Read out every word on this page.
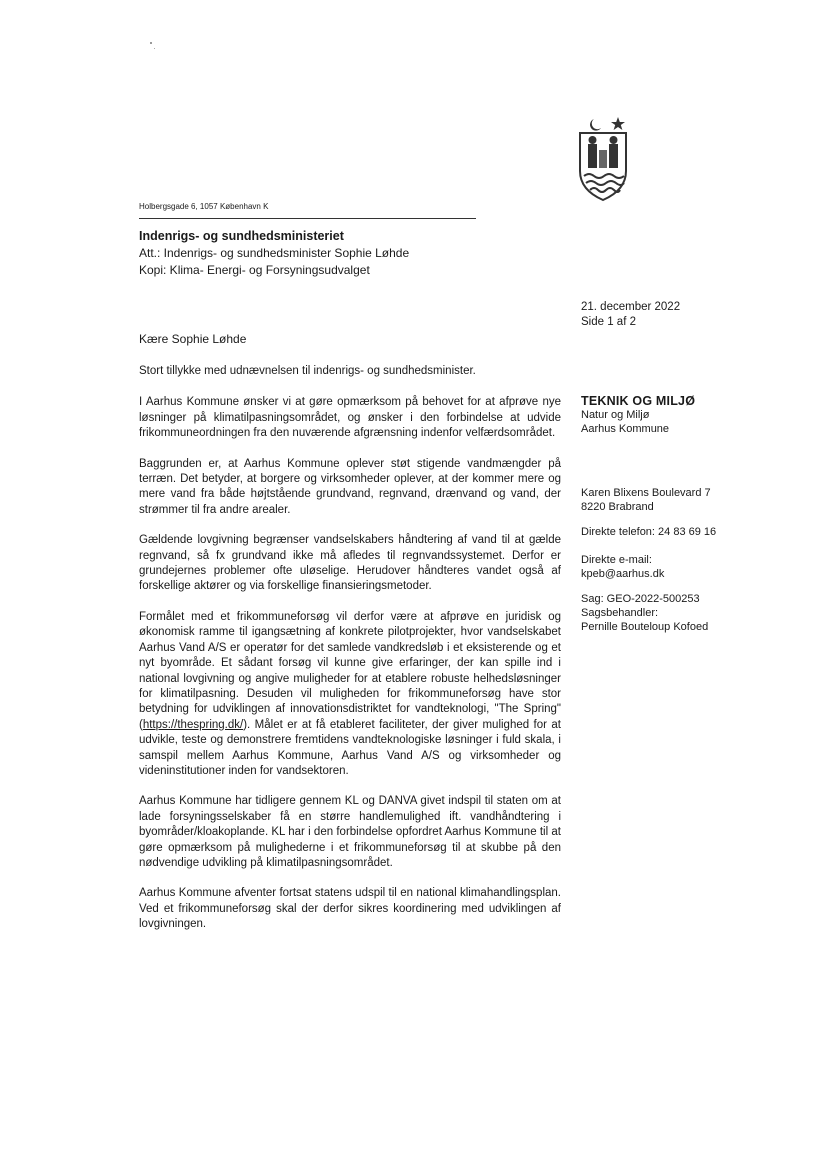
Holbergsgade 6, 1057 København K
Indenrigs- og sundhedsministeriet
Att.: Indenrigs- og sundhedsminister Sophie Løhde
Kopi: Klima- Energi- og Forsyningsudvalget
21. december 2022
Side 1 af 2
Kære Sophie Løhde

Stort tillykke med udnævnelsen til indenrigs- og sundhedsminister.

I Aarhus Kommune ønsker vi at gøre opmærksom på behovet for at afprøve nye løsninger på klimatilpasningsområdet, og ønsker i den forbindelse at udvide frikommuneordningen fra den nuværende afgrænsning indenfor velfærdsområdet.

Baggrunden er, at Aarhus Kommune oplever støt stigende vandmængder på terræn. Det betyder, at borgere og virksomheder oplever, at der kommer mere og mere vand fra både højtstående grundvand, regnvand, drænvand og vand, der strømmer til fra andre arealer.

Gældende lovgivning begrænser vandselskabers håndtering af vand til at gælde regnvand, så fx grundvand ikke må afledes til regnvandssystemet. Derfor er grundejernes problemer ofte uløselige. Herudover håndteres vandet også af forskellige aktører og via forskellige finansieringsmetoder.

Formålet med et frikommuneforsøg vil derfor være at afprøve en juridisk og økonomisk ramme til igangsætning af konkrete pilotprojekter, hvor vandselskabet Aarhus Vand A/S er operatør for det samlede vandkredsløb i et eksisterende og et nyt byområde. Et sådant forsøg vil kunne give erfaringer, der kan spille ind i national lovgivning og angive muligheder for at etablere robuste helhedsløsninger for klimatilpasning. Desuden vil muligheden for frikommuneforsøg have stor betydning for udviklingen af innovationsdistriktet for vandteknologi, "The Spring" (https://thespring.dk/). Målet er at få etableret faciliteter, der giver mulighed for at udvikle, teste og demonstrere fremtidens vandteknologiske løsninger i fuld skala, i samspil mellem Aarhus Kommune, Aarhus Vand A/S og virksomheder og videninstitutioner inden for vandsektoren.

Aarhus Kommune har tidligere gennem KL og DANVA givet indspil til staten om at lade forsyningsselskaber få en større handlemulighed ift. vandhåndtering i byområder/kloakoplande. KL har i den forbindelse opfordret Aarhus Kommune til at gøre opmærksom på mulighederne i et frikommuneforsøg til at skubbe på den nødvendige udvikling på klimatilpasningsområdet.

Aarhus Kommune afventer fortsat statens udspil til en national klimahandlingsplan. Ved et frikommuneforsøg skal der derfor sikres koordinering med udviklingen af lovgivningen.

TEKNIK OG MILJØ
Natur og Miljø
Aarhus Kommune
Karen Blixens Boulevard 7
8220 Brabrand
Direkte telefon: 24 83 69 16
Direkte e-mail:
kpeb@aarhus.dk
Sag: GEO-2022-500253
Sagsbehandler:
Pernille Bouteloup Kofoed
